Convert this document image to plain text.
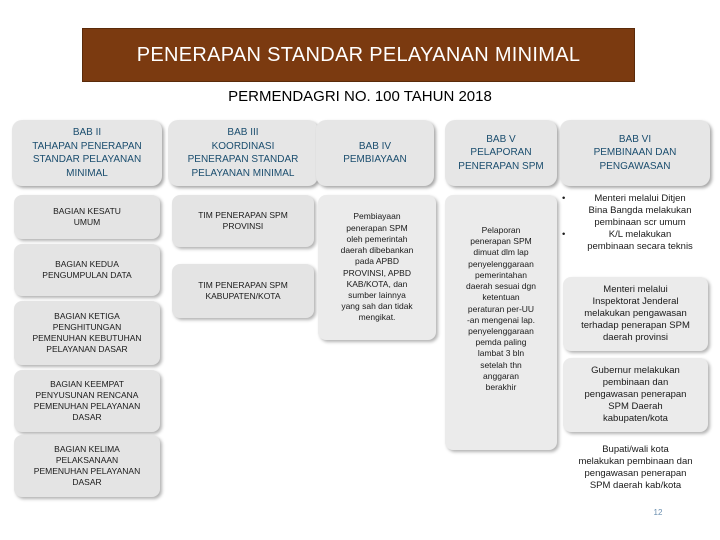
PENERAPAN STANDAR PELAYANAN MINIMAL
PERMENDAGRI NO. 100 TAHUN 2018
BAB II
TAHAPAN PENERAPAN
STANDAR PELAYANAN
MINIMAL
BAB III
KOORDINASI
PENERAPAN STANDAR
PELAYANAN MINIMAL
BAB IV
PEMBIAYAAN
BAB V
PELAPORAN
PENERAPAN SPM
BAB VI
PEMBINAAN DAN
PENGAWASAN
BAGIAN KESATU
UMUM
BAGIAN KEDUA
PENGUMPULAN DATA
BAGIAN KETIGA
PENGHITUNGAN
PEMENUHAN KEBUTUHAN
PELAYANAN DASAR
BAGIAN KEEMPAT
PENYUSUNAN RENCANA
PEMENUHAN PELAYANAN
DASAR
BAGIAN KELIMA
PELAKSANAAN
PEMENUHAN PELAYANAN
DASAR
TIM PENERAPAN SPM
PROVINSI
TIM PENERAPAN SPM
KABUPATEN/KOTA
Pembiayaan
penerapan SPM
oleh pemerintah
daerah dibebankan
pada APBD
PROVINSI, APBD
KAB/KOTA, dan
sumber lainnya
yang sah dan tidak
mengikat.
Pelaporan
penerapan SPM
dimuat dlm lap
penyelenggaraan
pemerintahan
daerah sesuai dgn
ketentuan
peraturan per-UU
-an mengenai lap.
penyelenggaraan
pemda paling
lambat 3 bln
setelah thn
anggaran
berakhir
• Menteri melalui Ditjen
Bina Bangda melakukan
pembinaan scr umum
• K/L melakukan
pembinaan secara teknis
Menteri melalui
Inspektorat Jenderal
melakukan pengawasan
terhadap penerapan SPM
daerah provinsi
Gubernur melakukan
pembinaan dan
pengawasan penerapan
SPM Daerah
kabupaten/kota
Bupati/wali kota
melakukan pembinaan dan
pengawasan penerapan
SPM daerah kab/kota
12
